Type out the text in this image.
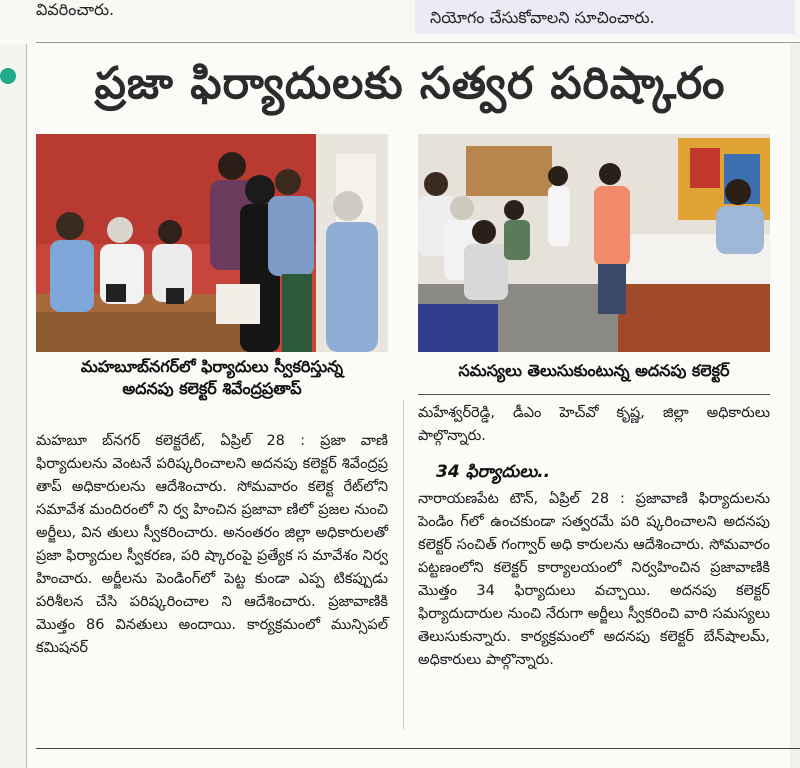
వివరించారు.	నియోగం చేసుకోవాలని సూచించారు.
ప్రజా ఫిర్యాదులకు సత్వర పరిష్కారం
మహబూబ్‌నగర్‌లో ఫిర్యాదులు స్వీకరిస్తున్న
అదనపు కలెక్టర్ శివేంద్రప్రతాప్
సమస్యలు తెలుసుకుంటున్న అదనపు కలెక్టర్
మహబూ బ్‌నగర్ కలెక్టరేట్, ఏప్రిల్ 28 : ప్రజా వాణి ఫిర్యాదులను వెంటనే పరిష్కరించాలని అదనపు కలెక్టర్ శివేంద్రప్ర తాప్ అధికారులను ఆదేశించారు. సోమవారం కలెక్ట రేట్‌లోని సమావేశ మందిరంలో ని ర్వ హించిన ప్రజావా ణిలో ప్రజల నుంచి అర్జీలు, విన తులు స్వీకరించారు. అనంతరం జిల్లా అధికారులతో ప్రజా ఫిర్యాదుల స్వీకరణ, పరి ష్కారంపై ప్రత్యేక స మావేశం నిర్వ హించారు. అర్జీలను పెండింగ్‌లో పెట్ట కుండా ఎప్ప టికప్పుడు పరిశీలన చేసి పరిష్కరించాల ని ఆదేశించారు. ప్రజావాణికి మొత్తం 86 వినతులు అందాయి. కార్యక్రమంలో మున్సిపల్ కమిషనర్
మహేశ్వర్‌రెడ్డి, డీఎం హెచ్‌వో కృష్ణ, జిల్లా అధికారులు పాల్గొన్నారు.
34 ఫిర్యాదులు..
నారాయణపేట టౌన్, ఏప్రిల్ 28 : ప్రజావాణి ఫిర్యాదులను పెండిం గ్‌లో ఉంచకుండా సత్వరమే పరి ష్కరించాలని అదనపు కలెక్టర్ సంచిత్ గంగ్వార్ అధి కారులను ఆదేశించారు. సోమవారం పట్టణంలోని కలెక్టర్ కార్యాలయంలో నిర్వహించిన ప్రజావాణికి మొత్తం 34 ఫిర్యాదులు వచ్చాయి. అదనపు కలెక్టర్ ఫిర్యాదుదారుల నుంచి నేరుగా అర్జీలు స్వీకరించి వారి సమస్యలు తెలుసుకున్నారు. కార్యక్రమంలో అదనపు కలెక్టర్ బేన్‌షాలమ్, అధికారులు పాల్గొన్నారు.
